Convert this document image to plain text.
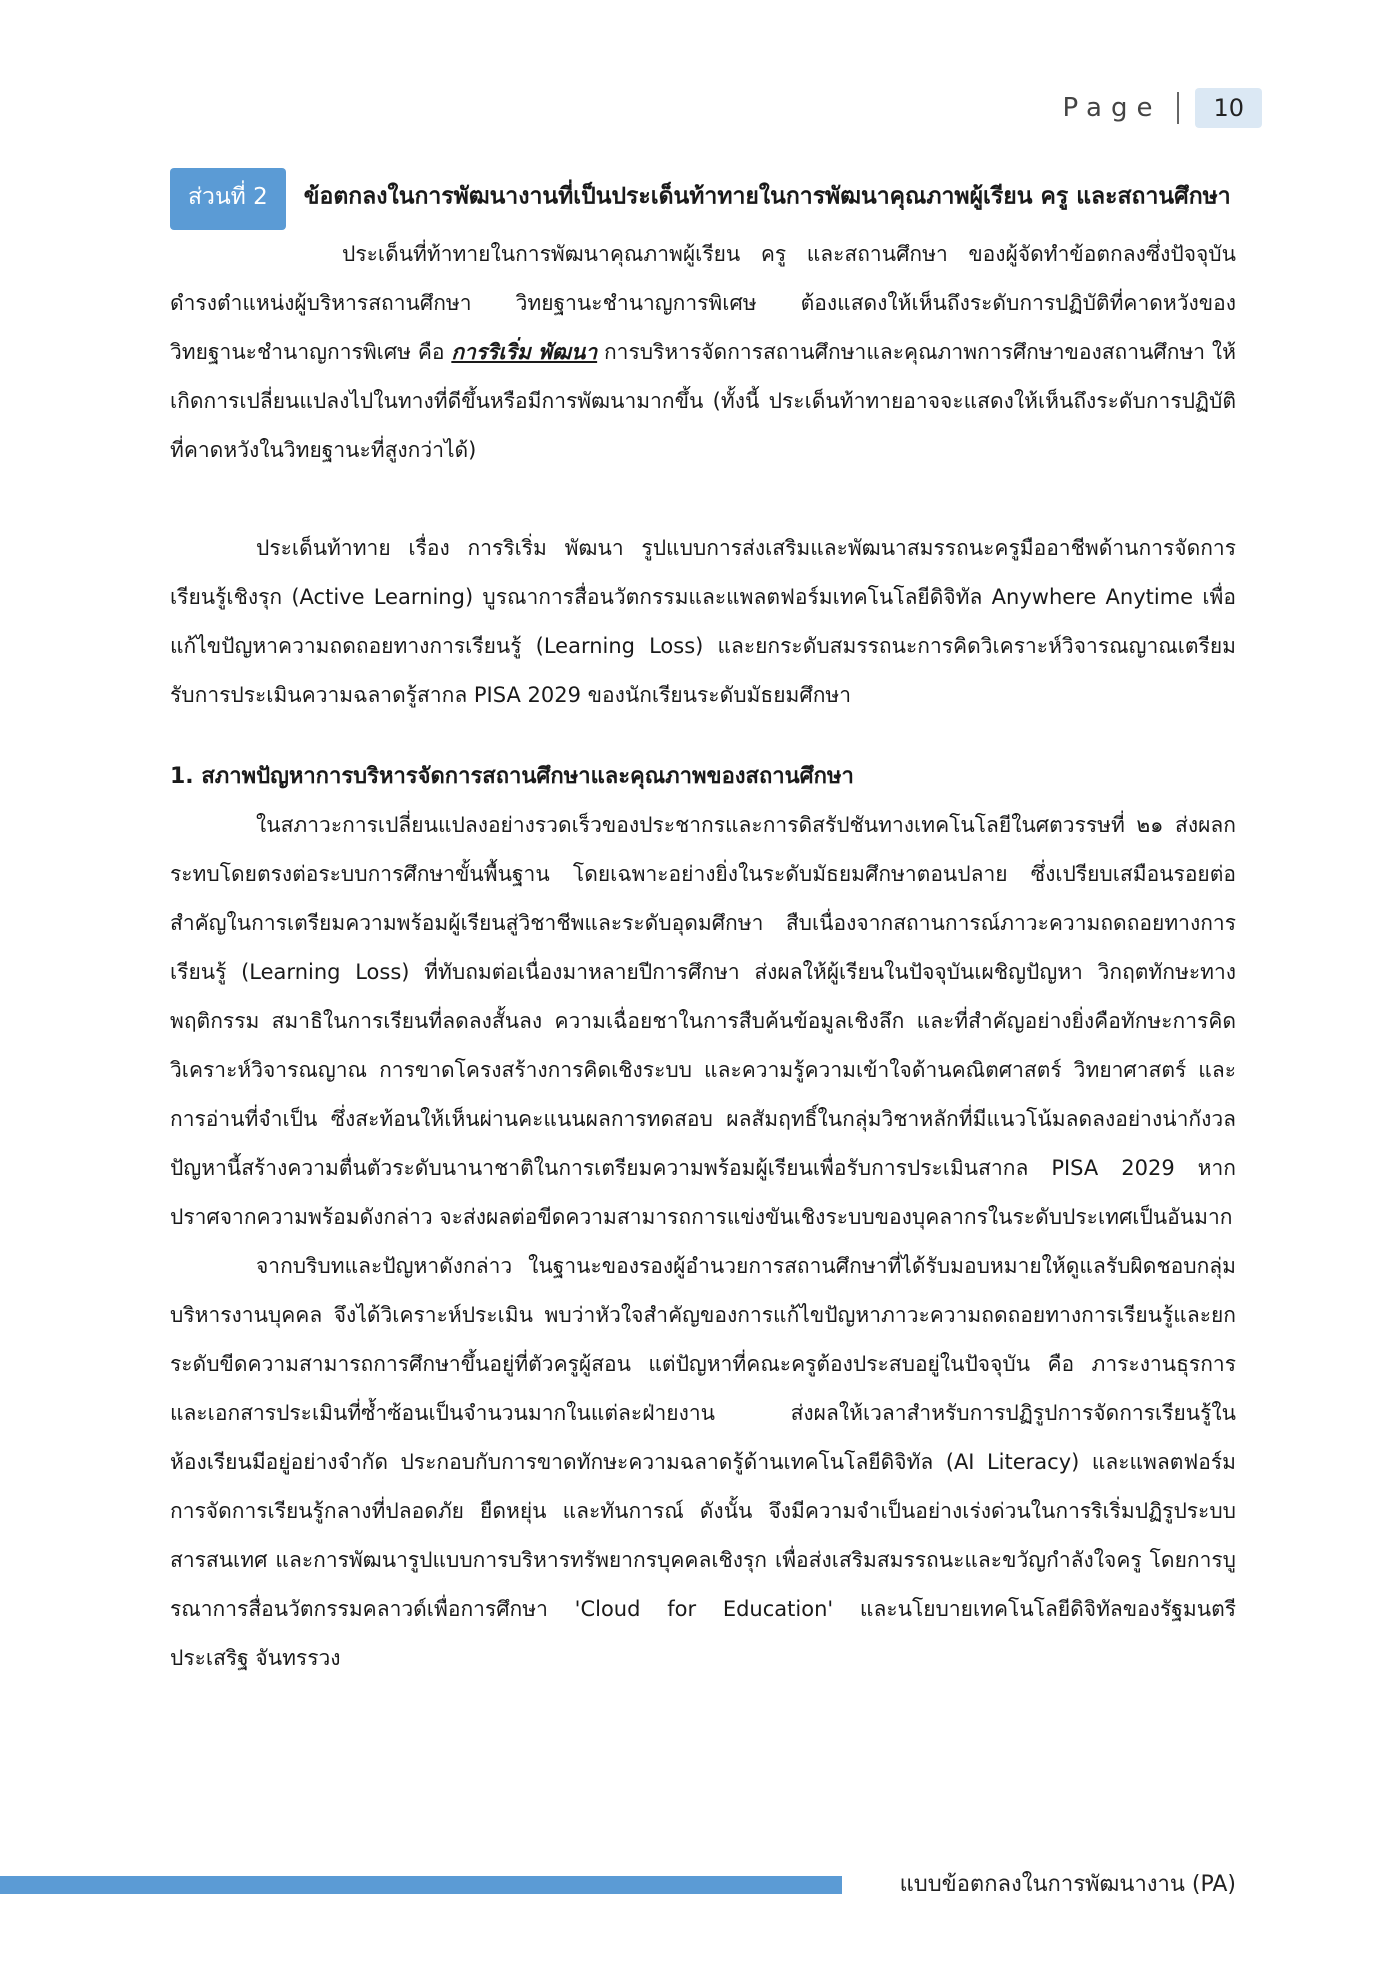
Page	10
ส่วนที่ 2 ข้อตกลงในการพัฒนางานที่เป็นประเด็นท้าทายในการพัฒนาคุณภาพผู้เรียน ครู และสถานศึกษา

ประเด็นที่ท้าทายในการพัฒนาคุณภาพผู้เรียน ครู และสถานศึกษา ของผู้จัดทำข้อตกลงซึ่งปัจจุบันดำรงตำแหน่งผู้บริหารสถานศึกษา วิทยฐานะชำนาญการพิเศษ ต้องแสดงให้เห็นถึงระดับการปฏิบัติที่คาดหวังของวิทยฐานะชำนาญการพิเศษ คือ การริเริ่ม พัฒนา การบริหารจัดการสถานศึกษาและคุณภาพการศึกษาของสถานศึกษา ให้เกิดการเปลี่ยนแปลงไปในทางที่ดีขึ้นหรือมีการพัฒนามากขึ้น (ทั้งนี้ ประเด็นท้าทายอาจจะแสดงให้เห็นถึงระดับการปฏิบัติที่คาดหวังในวิทยฐานะที่สูงกว่าได้)

ประเด็นท้าทาย เรื่อง การริเริ่ม พัฒนา รูปแบบการส่งเสริมและพัฒนาสมรรถนะครูมืออาชีพด้านการจัดการเรียนรู้เชิงรุก (Active Learning) บูรณาการสื่อนวัตกรรมและแพลตฟอร์มเทคโนโลยีดิจิทัล Anywhere Anytime เพื่อแก้ไขปัญหาความถดถอยทางการเรียนรู้ (Learning Loss) และยกระดับสมรรถนะการคิดวิเคราะห์วิจารณญาณเตรียมรับการประเมินความฉลาดรู้สากล PISA 2029 ของนักเรียนระดับมัธยมศึกษา

1. สภาพปัญหาการบริหารจัดการสถานศึกษาและคุณภาพของสถานศึกษา

ในสภาวะการเปลี่ยนแปลงอย่างรวดเร็วของประชากรและการดิสรัปชันทางเทคโนโลยีในศตวรรษที่ ๒๑ ส่งผลกระทบโดยตรงต่อระบบการศึกษาขั้นพื้นฐาน โดยเฉพาะอย่างยิ่งในระดับมัธยมศึกษาตอนปลาย ซึ่งเปรียบเสมือนรอยต่อสำคัญในการเตรียมความพร้อมผู้เรียนสู่วิชาชีพและระดับอุดมศึกษา สืบเนื่องจากสถานการณ์ภาวะความถดถอยทางการเรียนรู้ (Learning Loss) ที่ทับถมต่อเนื่องมาหลายปีการศึกษา ส่งผลให้ผู้เรียนในปัจจุบันเผชิญปัญหา วิกฤตทักษะทางพฤติกรรม สมาธิในการเรียนที่ลดลงสั้นลง ความเฉื่อยชาในการสืบค้นข้อมูลเชิงลึก และที่สำคัญอย่างยิ่งคือทักษะการคิดวิเคราะห์วิจารณญาณ การขาดโครงสร้างการคิดเชิงระบบ และความรู้ความเข้าใจด้านคณิตศาสตร์ วิทยาศาสตร์ และการอ่านที่จำเป็น ซึ่งสะท้อนให้เห็นผ่านคะแนนผลการทดสอบ ผลสัมฤทธิ์ในกลุ่มวิชาหลักที่มีแนวโน้มลดลงอย่างน่ากังวล ปัญหานี้สร้างความตื่นตัวระดับนานาชาติในการเตรียมความพร้อมผู้เรียนเพื่อรับการประเมินสากล PISA 2029 หากปราศจากความพร้อมดังกล่าว จะส่งผลต่อขีดความสามารถการแข่งขันเชิงระบบของบุคลากรในระดับประเทศเป็นอันมาก

จากบริบทและปัญหาดังกล่าว ในฐานะของรองผู้อำนวยการสถานศึกษาที่ได้รับมอบหมายให้ดูแลรับผิดชอบกลุ่มบริหารงานบุคคล จึงได้วิเคราะห์ประเมิน พบว่าหัวใจสำคัญของการแก้ไขปัญหาภาวะความถดถอยทางการเรียนรู้และยกระดับขีดความสามารถการศึกษาขึ้นอยู่ที่ตัวครูผู้สอน แต่ปัญหาที่คณะครูต้องประสบอยู่ในปัจจุบัน คือ ภาระงานธุรการและเอกสารประเมินที่ซ้ำซ้อนเป็นจำนวนมากในแต่ละฝ่ายงาน ส่งผลให้เวลาสำหรับการปฏิรูปการจัดการเรียนรู้ในห้องเรียนมีอยู่อย่างจำกัด ประกอบกับการขาดทักษะความฉลาดรู้ด้านเทคโนโลยีดิจิทัล (AI Literacy) และแพลตฟอร์มการจัดการเรียนรู้กลางที่ปลอดภัย ยืดหยุ่น และทันการณ์ ดังนั้น จึงมีความจำเป็นอย่างเร่งด่วนในการริเริ่มปฏิรูประบบสารสนเทศ และการพัฒนารูปแบบการบริหารทรัพยากรบุคคลเชิงรุก เพื่อส่งเสริมสมรรถนะและขวัญกำลังใจครู โดยการบูรณาการสื่อนวัตกรรมคลาวด์เพื่อการศึกษา 'Cloud for Education' และนโยบายเทคโนโลยีดิจิทัลของรัฐมนตรี ประเสริฐ จันทรรวง

แบบข้อตกลงในการพัฒนางาน (PA)
